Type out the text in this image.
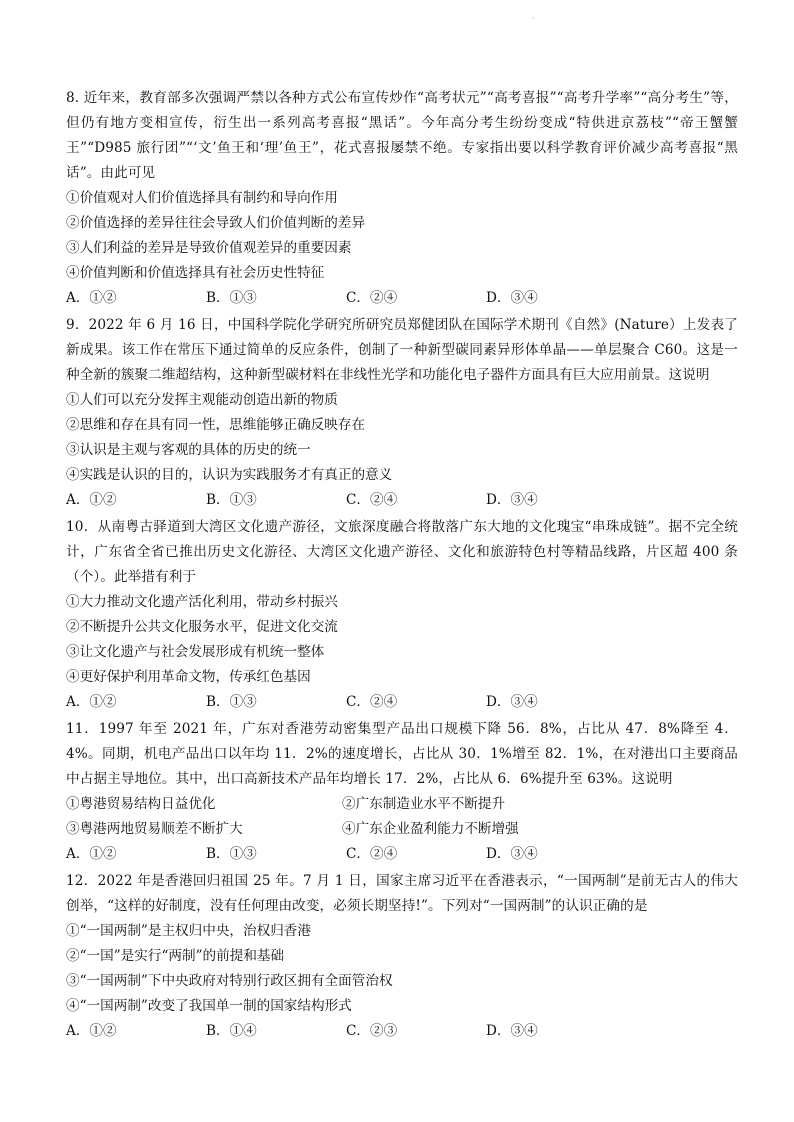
·

8. 近年来，教育部多次强调严禁以各种方式公布宣传炒作“高考状元”“高考喜报”“高考升学率”“高分考生”等，但仍有地方变相宣传，衍生出一系列高考喜报“黑话”。今年高分考生纷纷变成“特供进京荔枝”“帝王蟹蟹王”“D985 旅行团”“‘文’鱼王和‘理’鱼王”，花式喜报屡禁不绝。专家指出要以科学教育评价减少高考喜报“黑话”。由此可见

①价值观对人们价值选择具有制约和导向作用

②价值选择的差异往往会导致人们价值判断的差异

③人们利益的差异是导致价值观差异的重要因素

④价值判断和价值选择具有社会历史性特征

A．①②	B．①③	C．②④	D．③④

9．2022 年 6 月 16 日，中国科学院化学研究所研究员郑健团队在国际学术期刊《自然》(Nature）上发表了新成果。该工作在常压下通过简单的反应条件，创制了一种新型碳同素异形体单晶——单层聚合 C60。这是一种全新的簇聚二维超结构，这种新型碳材料在非线性光学和功能化电子器件方面具有巨大应用前景。这说明

①人们可以充分发挥主观能动创造出新的物质

②思维和存在具有同一性，思维能够正确反映存在

③认识是主观与客观的具体的历史的统一

④实践是认识的目的，认识为实践服务才有真正的意义

A．①②	B．①③	C．②④	D．③④

10．从南粤古驿道到大湾区文化遗产游径，文旅深度融合将散落广东大地的文化瑰宝“串珠成链”。据不完全统计，广东省全省已推出历史文化游径、大湾区文化遗产游径、文化和旅游特色村等精品线路，片区超 400 条（个）。此举措有利于

①大力推动文化遗产活化利用，带动乡村振兴

②不断提升公共文化服务水平，促进文化交流

③让文化遗产与社会发展形成有机统一整体

④更好保护利用革命文物，传承红色基因

A．①②	B．①③	C．②④	D．③④

11．1997 年至 2021 年，广东对香港劳动密集型产品出口规模下降 56．8%，占比从 47．8%降至 4．4%。同期，机电产品出口以年均 11．2%的速度增长，占比从 30．1%增至 82．1%，在对港出口主要商品中占据主导地位。其中，出口高新技术产品年均增长 17．2%，占比从 6．6%提升至 63%。这说明

①粤港贸易结构日益优化	②广东制造业水平不断提升
③粤港两地贸易顺差不断扩大	④广东企业盈利能力不断增强
A．①②	B．①③	C．②④	D．③④

12．2022 年是香港回归祖国 25 年。7 月 1 日，国家主席习近平在香港表示，“一国两制”是前无古人的伟大创举，“这样的好制度，没有任何理由改变，必须长期坚持!”。下列对“一国两制”的认识正确的是

①“一国两制”是主权归中央，治权归香港

②“一国”是实行“两制”的前提和基础

③“一国两制”下中央政府对特别行政区拥有全面管治权

④“一国两制”改变了我国单一制的国家结构形式

A．①②	B．①④	C．②③	D．③④
